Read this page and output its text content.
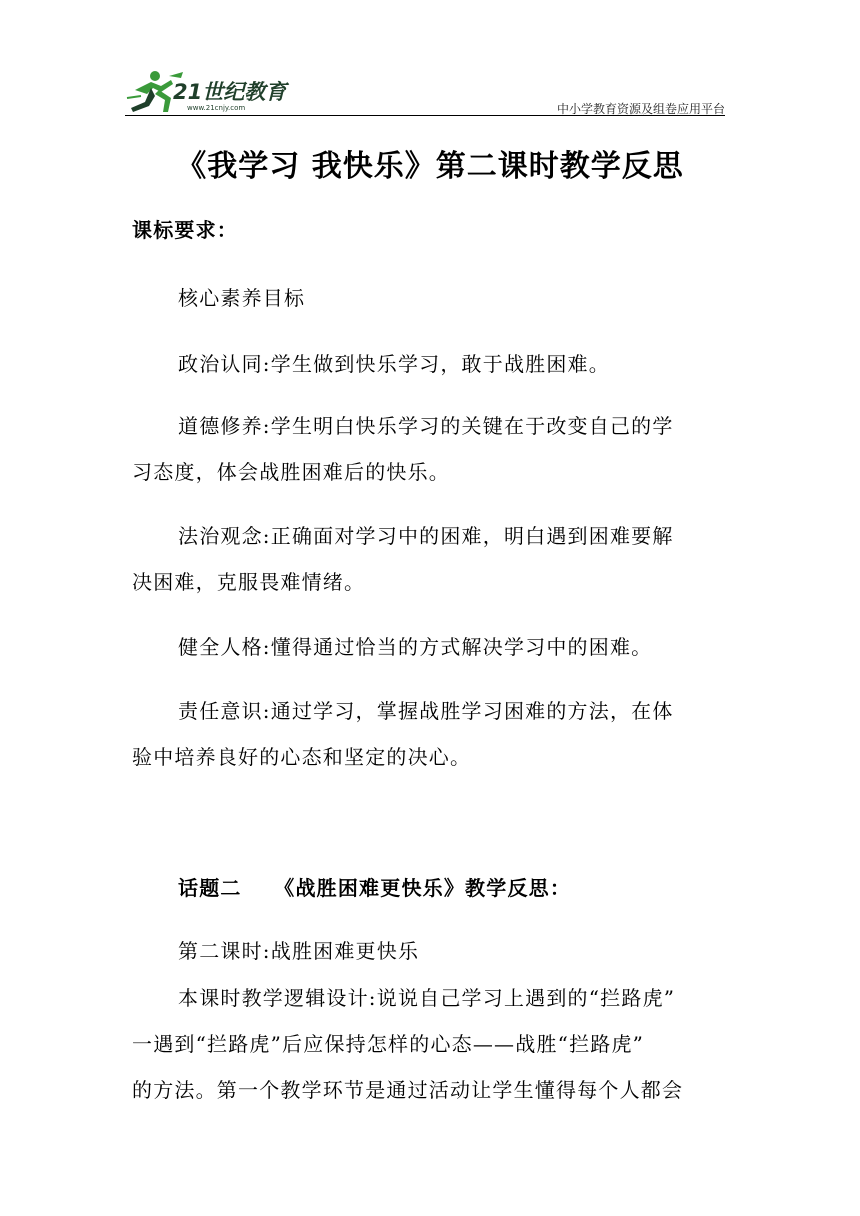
21世纪教育
www.21cnjy.com	中小学教育资源及组卷应用平台
《我学习 我快乐》第二课时教学反思
课标要求：
核心素养目标
政治认同:学生做到快乐学习，敢于战胜困难。
道德修养:学生明白快乐学习的关键在于改变自己的学
习态度，体会战胜困难后的快乐。
法治观念:正确面对学习中的困难，明白遇到困难要解
决困难，克服畏难情绪。
健全人格:懂得通过恰当的方式解决学习中的困难。
责任意识:通过学习，掌握战胜学习困难的方法，在体
验中培养良好的心态和坚定的决心。
话题二    《战胜困难更快乐》教学反思：
第二课时:战胜困难更快乐
本课时教学逻辑设计:说说自己学习上遇到的“拦路虎”
一遇到“拦路虎”后应保持怎样的心态——战胜“拦路虎”
的方法。第一个教学环节是通过活动让学生懂得每个人都会
